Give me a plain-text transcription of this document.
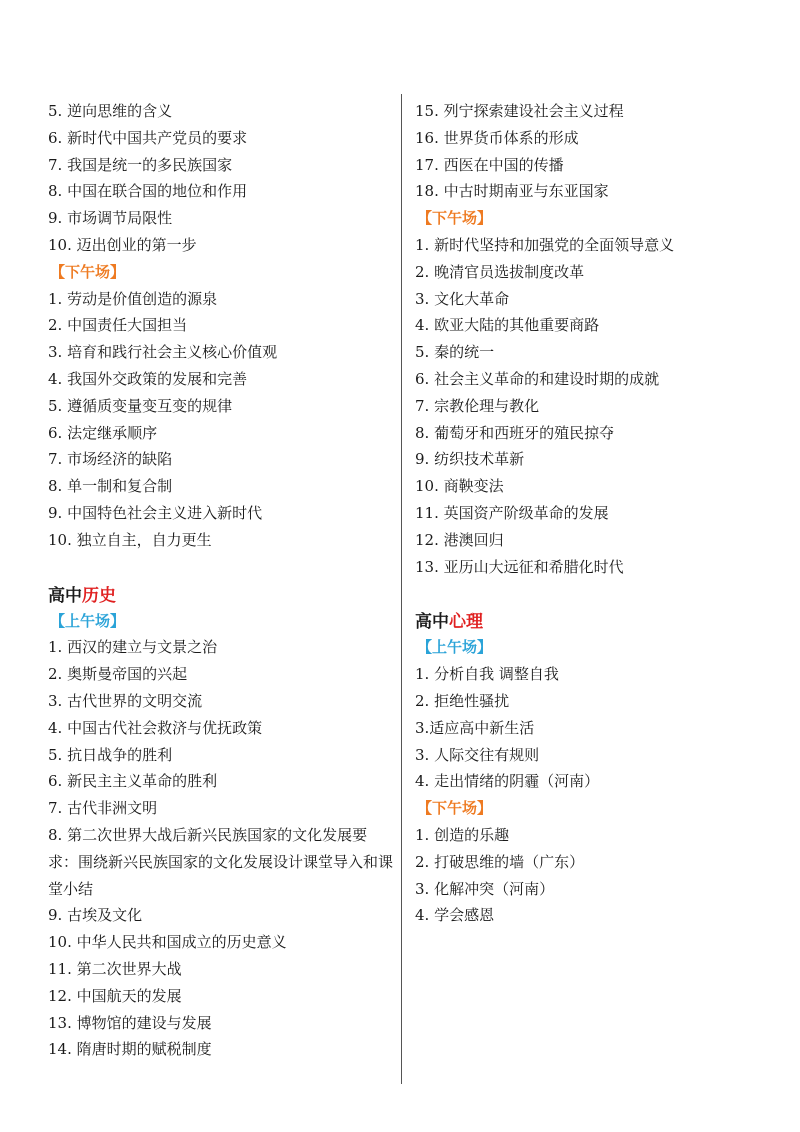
5. 逆向思维的含义
6. 新时代中国共产党员的要求
7. 我国是统一的多民族国家
8. 中国在联合国的地位和作用
9. 市场调节局限性
10. 迈出创业的第一步
【下午场】
1. 劳动是价值创造的源泉
2. 中国责任大国担当
3. 培育和践行社会主义核心价值观
4. 我国外交政策的发展和完善
5. 遵循质变量变互变的规律
6. 法定继承顺序
7. 市场经济的缺陷
8. 单一制和复合制
9. 中国特色社会主义进入新时代
10. 独立自主，自力更生
高中历史
【上午场】
1. 西汉的建立与文景之治
2. 奥斯曼帝国的兴起
3. 古代世界的文明交流
4. 中国古代社会救济与优抚政策
5. 抗日战争的胜利
6. 新民主主义革命的胜利
7. 古代非洲文明
8. 第二次世界大战后新兴民族国家的文化发展要求：围绕新兴民族国家的文化发展设计课堂导入和课堂小结
9. 古埃及文化
10. 中华人民共和国成立的历史意义
11. 第二次世界大战
12. 中国航天的发展
13. 博物馆的建设与发展
14. 隋唐时期的赋税制度
15. 列宁探索建设社会主义过程
16. 世界货币体系的形成
17. 西医在中国的传播
18. 中古时期南亚与东亚国家
【下午场】
1. 新时代坚持和加强党的全面领导意义
2. 晚清官员选拔制度改革
3. 文化大革命
4. 欧亚大陆的其他重要商路
5. 秦的统一
6. 社会主义革命的和建设时期的成就
7. 宗教伦理与教化
8. 葡萄牙和西班牙的殖民掠夺
9. 纺织技术革新
10. 商鞅变法
11. 英国资产阶级革命的发展
12. 港澳回归
13. 亚历山大远征和希腊化时代
高中心理
【上午场】
1. 分析自我 调整自我
2. 拒绝性骚扰
3.适应高中新生活
3. 人际交往有规则
4. 走出情绪的阴霾（河南）
【下午场】
1. 创造的乐趣
2. 打破思维的墙（广东）
3. 化解冲突（河南）
4. 学会感恩
